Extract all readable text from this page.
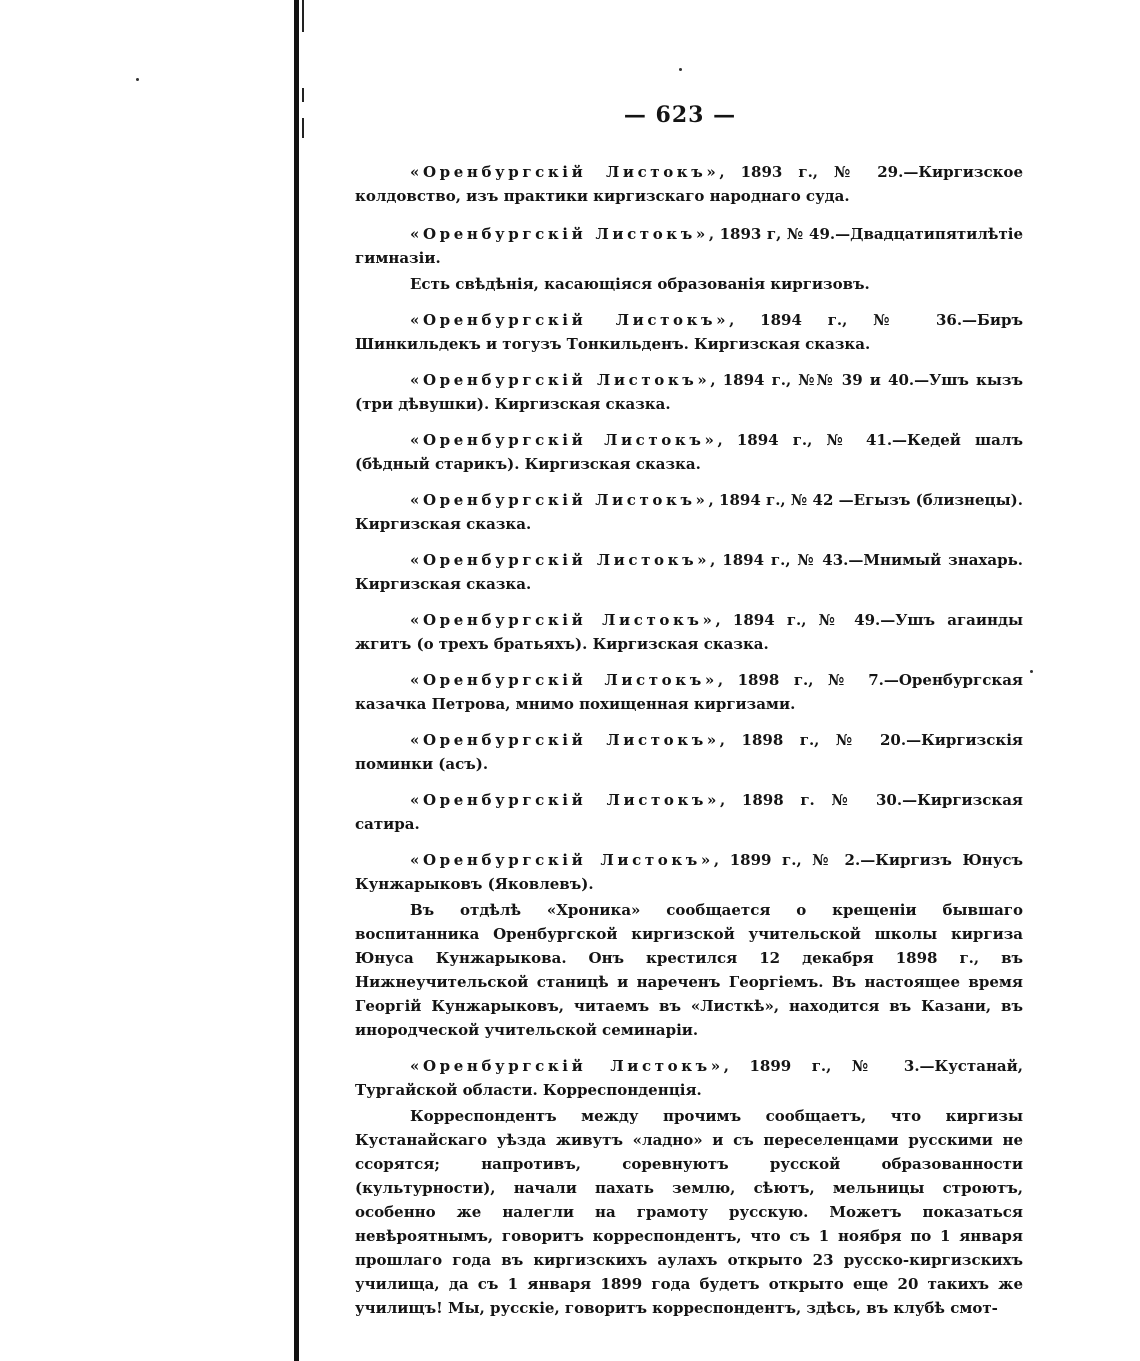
— 623 —

«Оренбургскій Листокъ», 1893 г., № 29.—Киргизское колдовство, изъ практики киргизскаго народнаго суда.

«Оренбургскій Листокъ», 1893 г, № 49.—Двадцатипятилѣтіе гимназіи.

Есть свѣдѣнія, касающіяся образованія киргизовъ.

«Оренбургскій Листокъ», 1894 г., № 36.—Биръ Шинкильдекъ и тогузъ Тонкильденъ. Киргизская сказка.

«Оренбургскій Листокъ», 1894 г., №№ 39 и 40.—Ушъ кызъ (три дѣвушки). Киргизская сказка.

«Оренбургскій Листокъ», 1894 г., № 41.—Кедей шалъ (бѣдный старикъ). Киргизская сказка.

«Оренбургскій Листокъ», 1894 г., № 42 —Егызъ (близнецы). Киргизская сказка.

«Оренбургскій Листокъ», 1894 г., № 43.—Мнимый знахарь. Киргизская сказка.

«Оренбургскій Листокъ», 1894 г., № 49.—Ушъ агаинды жгитъ (о трехъ братьяхъ). Киргизская сказка.

«Оренбургскій Листокъ», 1898 г., № 7.—Оренбургская казачка Петрова, мнимо похищенная киргизами.

«Оренбургскій Листокъ», 1898 г., № 20.—Киргизскія поминки (асъ).

«Оренбургскій Листокъ», 1898 г. № 30.—Киргизская сатира.

«Оренбургскій Листокъ», 1899 г., № 2.—Киргизъ Юнусъ Кунжарыковъ (Яковлевъ).

Въ отдѣлѣ «Хроника» сообщается о крещеніи бывшаго воспитанника Оренбургской киргизской учительской школы киргиза Юнуса Кунжарыкова. Онъ крестился 12 декабря 1898 г., въ Нижнеучительской станицѣ и нареченъ Георгіемъ. Въ настоящее время Георгій Кунжарыковъ, читаемъ въ «Листкѣ», находится въ Казани, въ инородческой учительской семинаріи.

«Оренбургскій Листокъ», 1899 г., № 3.—Кустанай, Тургайской области. Корреспонденція.

Корреспондентъ между прочимъ сообщаетъ, что киргизы Кустанайскаго уѣзда живутъ «ладно» и съ переселенцами русскими не ссорятся; напротивъ, соревнуютъ русской образованности (культурности), начали пахать землю, сѣютъ, мельницы строютъ, особенно же налегли на грамоту русскую. Можетъ показаться невѣроятнымъ, говоритъ корреспондентъ, что съ 1 ноября по 1 января прошлаго года въ киргизскихъ аулахъ открыто 23 русско-киргизскихъ училища, да съ 1 января 1899 года будетъ открыто еще 20 такихъ же училищъ! Мы, русскіе, говоритъ корреспондентъ, здѣсь, въ клубѣ смот-
